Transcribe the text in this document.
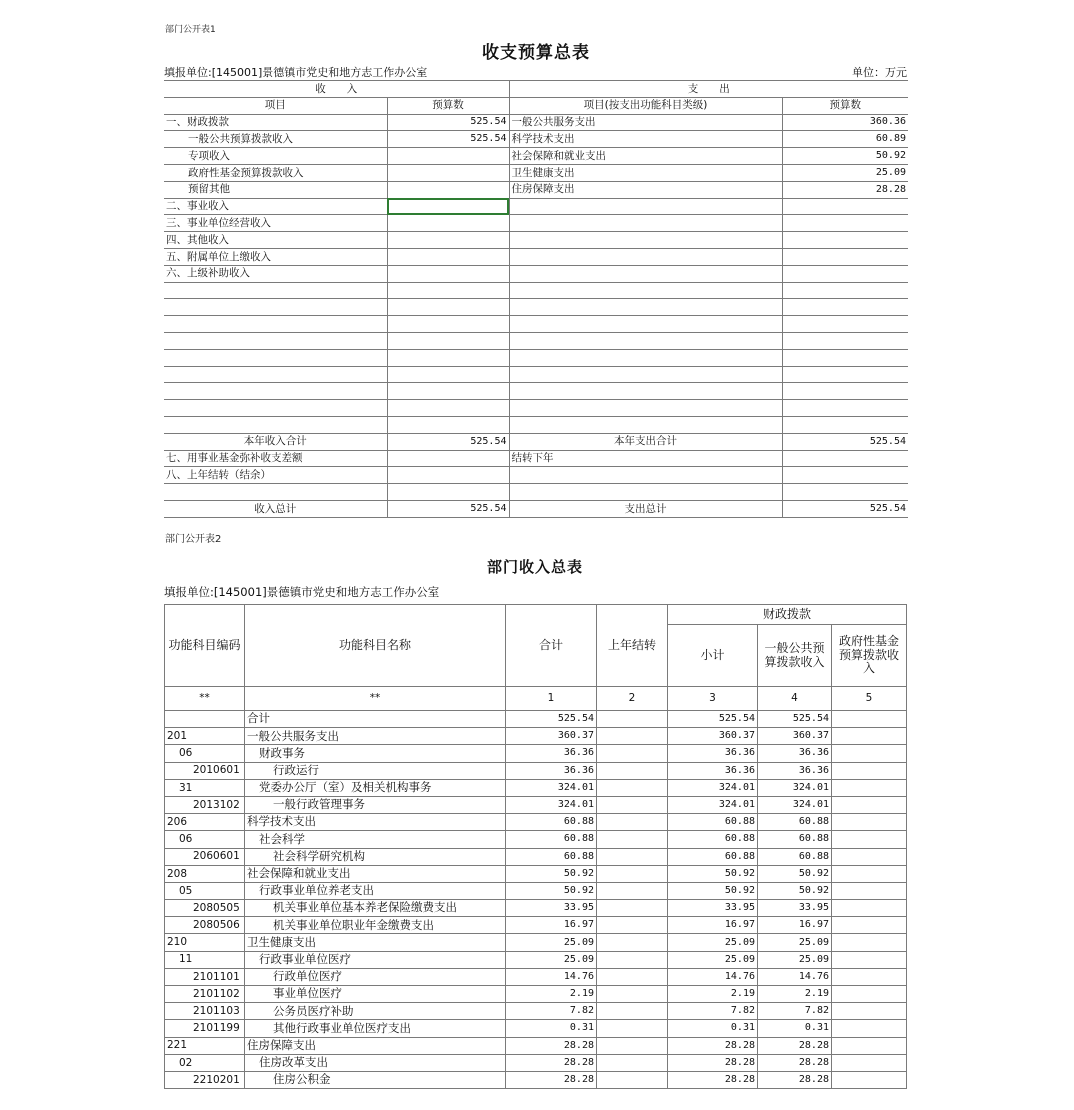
部门公开表1
收支预算总表
填报单位:[145001]景德镇市党史和地方志工作办公室	单位：万元
收　　入		支　　出	
项目	预算数	项目(按支出功能科目类级)	预算数
一、财政拨款	525.54	一般公共服务支出	360.36
一般公共预算拨款收入	525.54	科学技术支出	60.89
专项收入		社会保障和就业支出	50.92
政府性基金预算拨款收入		卫生健康支出	25.09
预留其他		住房保障支出	28.28
二、事业收入			
三、事业单位经营收入			
四、其他收入			
五、附属单位上缴收入			
六、上级补助收入			

本年收入合计	525.54	本年支出合计	525.54
七、用事业基金弥补收支差额		结转下年	
八、上年结转（结余）			

收入总计	525.54	支出总计	525.54
部门公开表2
部门收入总表
填报单位:[145001]景德镇市党史和地方志工作办公室
功能科目编码	功能科目名称	合计	上年结转	财政拨款		
				小计	一般公共预算拨款收入	政府性基金预算拨款收入
**	**	1	2	3	4	5
	合计	525.54		525.54	525.54	
201	一般公共服务支出	360.37		360.37	360.37	
06	财政事务	36.36		36.36	36.36	
2010601	行政运行	36.36		36.36	36.36	
31	党委办公厅（室）及相关机构事务	324.01		324.01	324.01	
2013102	一般行政管理事务	324.01		324.01	324.01	
206	科学技术支出	60.88		60.88	60.88	
06	社会科学	60.88		60.88	60.88	
2060601	社会科学研究机构	60.88		60.88	60.88	
208	社会保障和就业支出	50.92		50.92	50.92	
05	行政事业单位养老支出	50.92		50.92	50.92	
2080505	机关事业单位基本养老保险缴费支出	33.95		33.95	33.95	
2080506	机关事业单位职业年金缴费支出	16.97		16.97	16.97	
210	卫生健康支出	25.09		25.09	25.09	
11	行政事业单位医疗	25.09		25.09	25.09	
2101101	行政单位医疗	14.76		14.76	14.76	
2101102	事业单位医疗	2.19		2.19	2.19	
2101103	公务员医疗补助	7.82		7.82	7.82	
2101199	其他行政事业单位医疗支出	0.31		0.31	0.31	
221	住房保障支出	28.28		28.28	28.28	
02	住房改革支出	28.28		28.28	28.28	
2210201	住房公积金	28.28		28.28	28.28	
